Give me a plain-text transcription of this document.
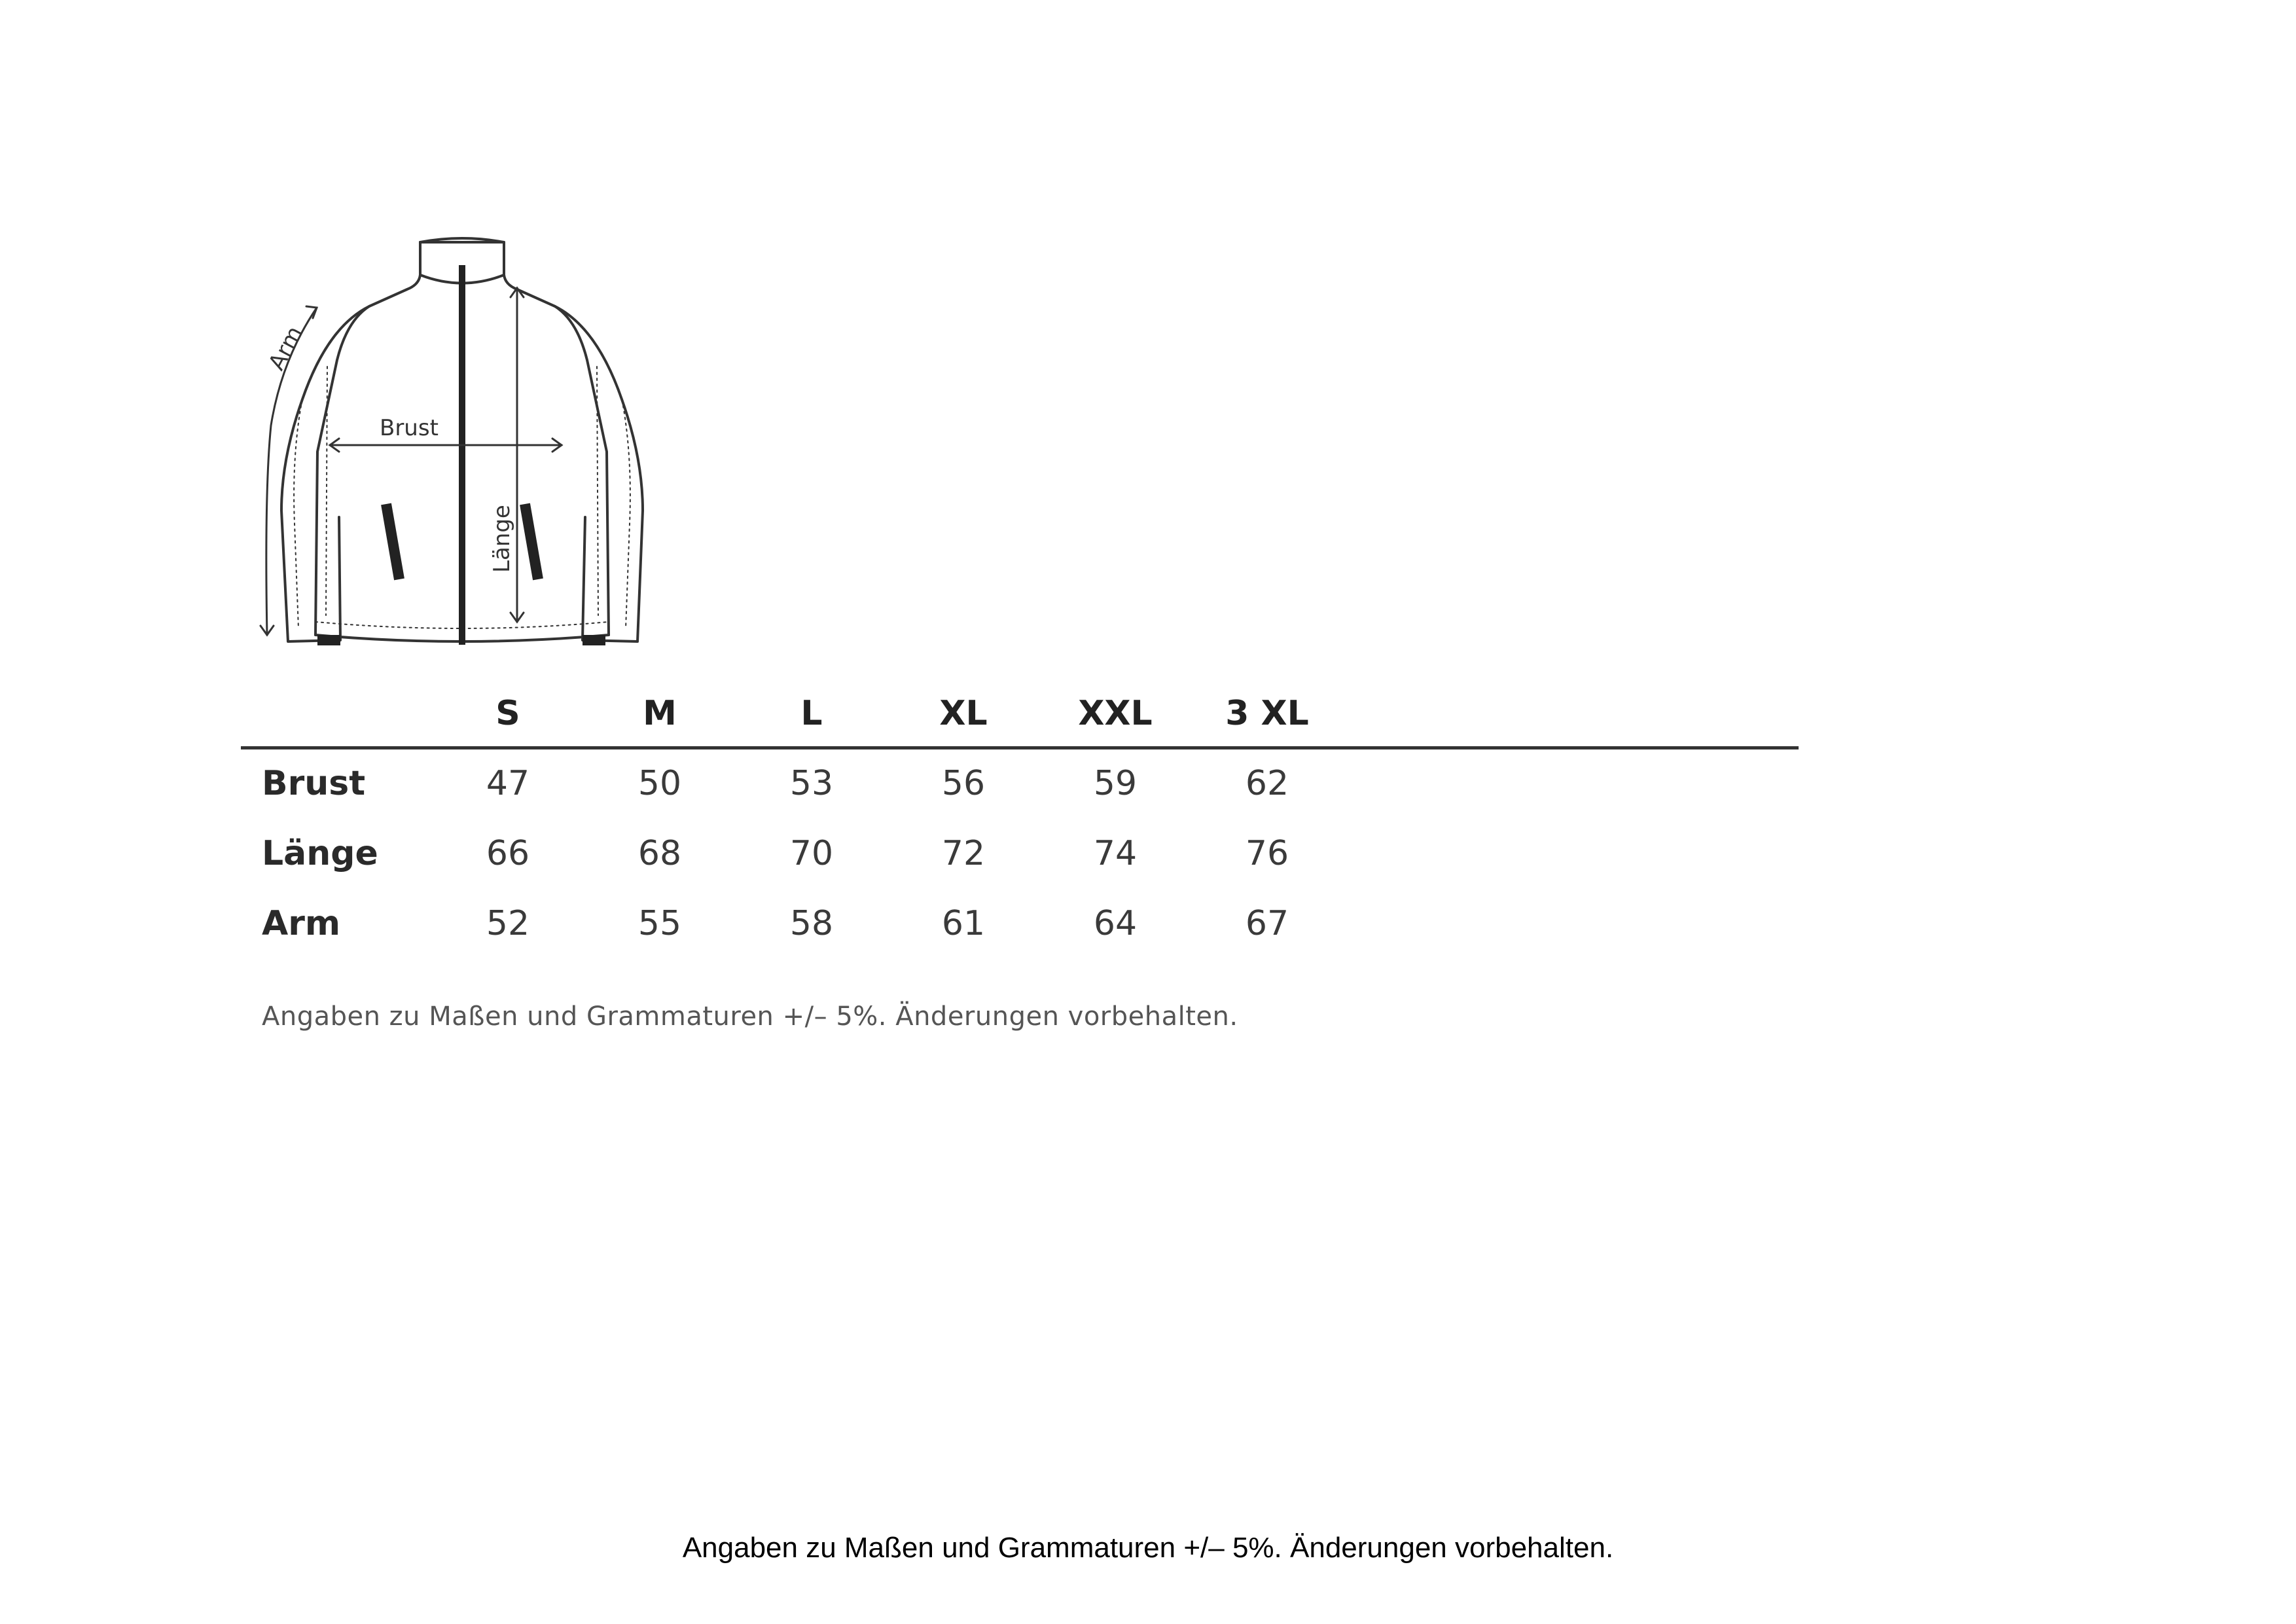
Brust
Länge
Arm
S	M	L	XL	XXL	3 XL
Brust	47	50	53	56	59	62
Länge	66	68	70	72	74	76
Arm	52	55	58	61	64	67
Angaben zu Maßen und Grammaturen +/– 5%. Änderungen vorbehalten.
Angaben zu Maßen und Grammaturen +/– 5%. Änderungen vorbehalten.
